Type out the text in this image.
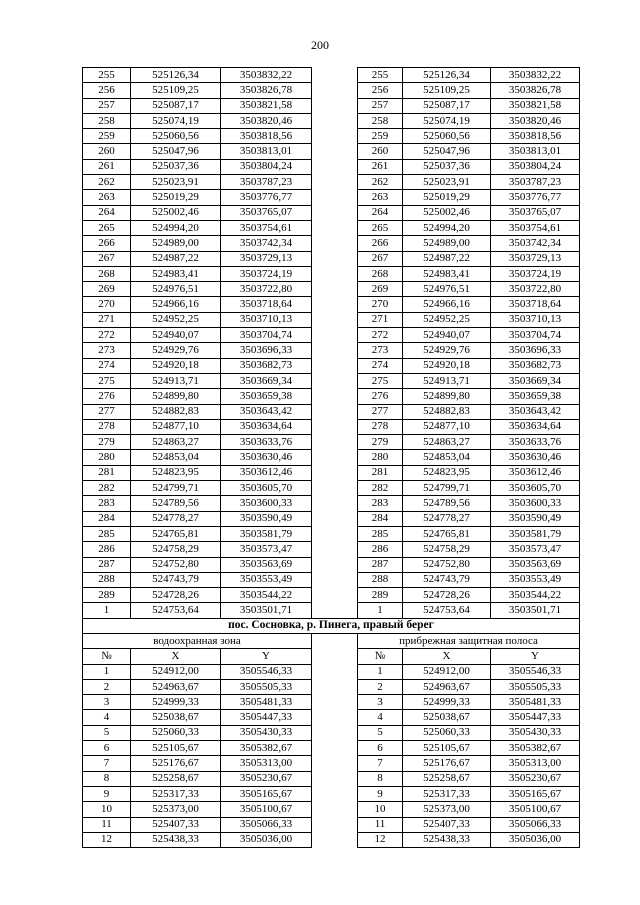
200
255	525126,34	3503832,22		255	525126,34	3503832,22
256	525109,25	3503826,78		256	525109,25	3503826,78
257	525087,17	3503821,58		257	525087,17	3503821,58
258	525074,19	3503820,46		258	525074,19	3503820,46
259	525060,56	3503818,56		259	525060,56	3503818,56
260	525047,96	3503813,01		260	525047,96	3503813,01
261	525037,36	3503804,24		261	525037,36	3503804,24
262	525023,91	3503787,23		262	525023,91	3503787,23
263	525019,29	3503776,77		263	525019,29	3503776,77
264	525002,46	3503765,07		264	525002,46	3503765,07
265	524994,20	3503754,61		265	524994,20	3503754,61
266	524989,00	3503742,34		266	524989,00	3503742,34
267	524987,22	3503729,13		267	524987,22	3503729,13
268	524983,41	3503724,19		268	524983,41	3503724,19
269	524976,51	3503722,80		269	524976,51	3503722,80
270	524966,16	3503718,64		270	524966,16	3503718,64
271	524952,25	3503710,13		271	524952,25	3503710,13
272	524940,07	3503704,74		272	524940,07	3503704,74
273	524929,76	3503696,33		273	524929,76	3503696,33
274	524920,18	3503682,73		274	524920,18	3503682,73
275	524913,71	3503669,34		275	524913,71	3503669,34
276	524899,80	3503659,38		276	524899,80	3503659,38
277	524882,83	3503643,42		277	524882,83	3503643,42
278	524877,10	3503634,64		278	524877,10	3503634,64
279	524863,27	3503633,76		279	524863,27	3503633,76
280	524853,04	3503630,46		280	524853,04	3503630,46
281	524823,95	3503612,46		281	524823,95	3503612,46
282	524799,71	3503605,70		282	524799,71	3503605,70
283	524789,56	3503600,33		283	524789,56	3503600,33
284	524778,27	3503590,49		284	524778,27	3503590,49
285	524765,81	3503581,79		285	524765,81	3503581,79
286	524758,29	3503573,47		286	524758,29	3503573,47
287	524752,80	3503563,69		287	524752,80	3503563,69
288	524743,79	3503553,49		288	524743,79	3503553,49
289	524728,26	3503544,22		289	524728,26	3503544,22
1	524753,64	3503501,71		1	524753,64	3503501,71
пос. Сосновка, р. Пинега, правый берег						
водоохранная зона				прибрежная защитная полоса		
№	X	Y		№	X	Y
1	524912,00	3505546,33		1	524912,00	3505546,33
2	524963,67	3505505,33		2	524963,67	3505505,33
3	524999,33	3505481,33		3	524999,33	3505481,33
4	525038,67	3505447,33		4	525038,67	3505447,33
5	525060,33	3505430,33		5	525060,33	3505430,33
6	525105,67	3505382,67		6	525105,67	3505382,67
7	525176,67	3505313,00		7	525176,67	3505313,00
8	525258,67	3505230,67		8	525258,67	3505230,67
9	525317,33	3505165,67		9	525317,33	3505165,67
10	525373,00	3505100,67		10	525373,00	3505100,67
11	525407,33	3505066,33		11	525407,33	3505066,33
12	525438,33	3505036,00		12	525438,33	3505036,00
